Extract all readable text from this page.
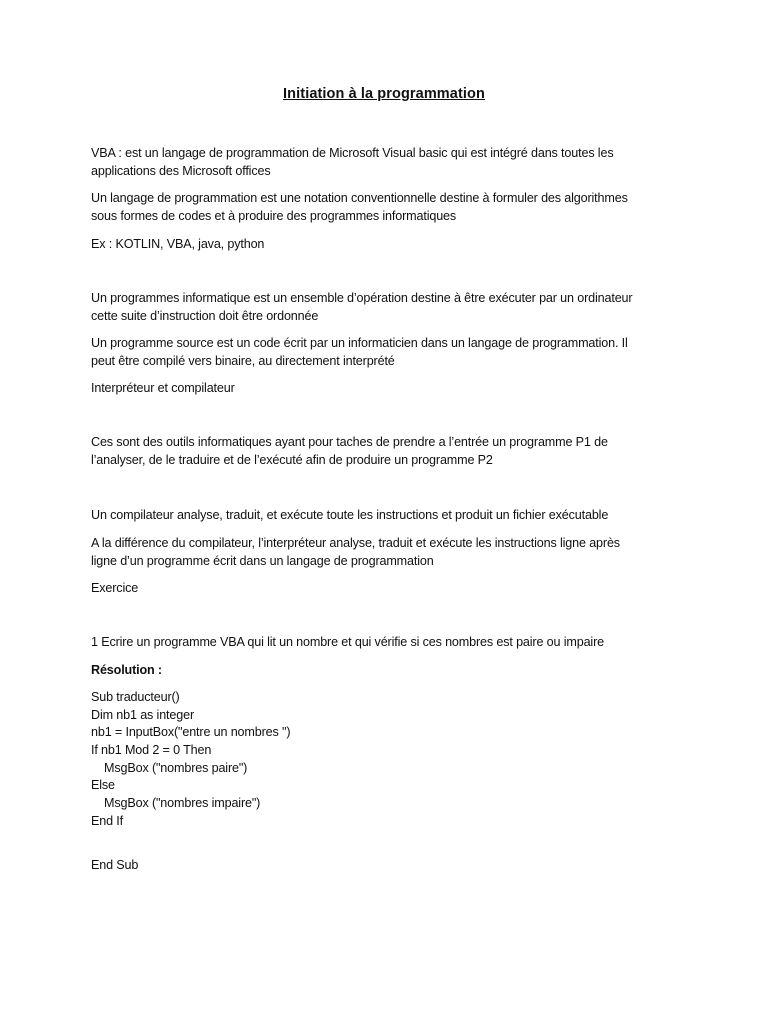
Initiation à la programmation
VBA : est un langage de programmation de Microsoft Visual basic qui est intégré dans toutes les
applications des Microsoft offices
Un langage de programmation est une notation conventionnelle destine à formuler des algorithmes
sous formes de codes et à produire des programmes informatiques
Ex : KOTLIN, VBA, java, python
Un programmes informatique est un ensemble d’opération destine à être exécuter par un ordinateur
cette suite d’instruction doit être ordonnée
Un programme source est un code écrit par un informaticien dans un langage de programmation. Il
peut être compilé vers binaire, au directement interprété
Interpréteur et compilateur
Ces sont des outils informatiques ayant pour taches de prendre a l’entrée un programme P1 de
l’analyser, de le traduire et de l’exécuté afin de produire un programme P2
Un compilateur analyse, traduit, et exécute toute les instructions et produit un fichier exécutable
A la différence du compilateur, l’interpréteur analyse, traduit et exécute les instructions ligne après
ligne d’un programme écrit dans un langage de programmation
Exercice
1 Ecrire un programme VBA qui lit un nombre et qui vérifie si ces nombres est paire ou impaire
Résolution :
Sub traducteur()
Dim nb1 as integer
nb1 = InputBox("entre un nombres ")
If nb1 Mod 2 = 0 Then
MsgBox ("nombres paire")
Else
MsgBox ("nombres impaire")
End If
End Sub
